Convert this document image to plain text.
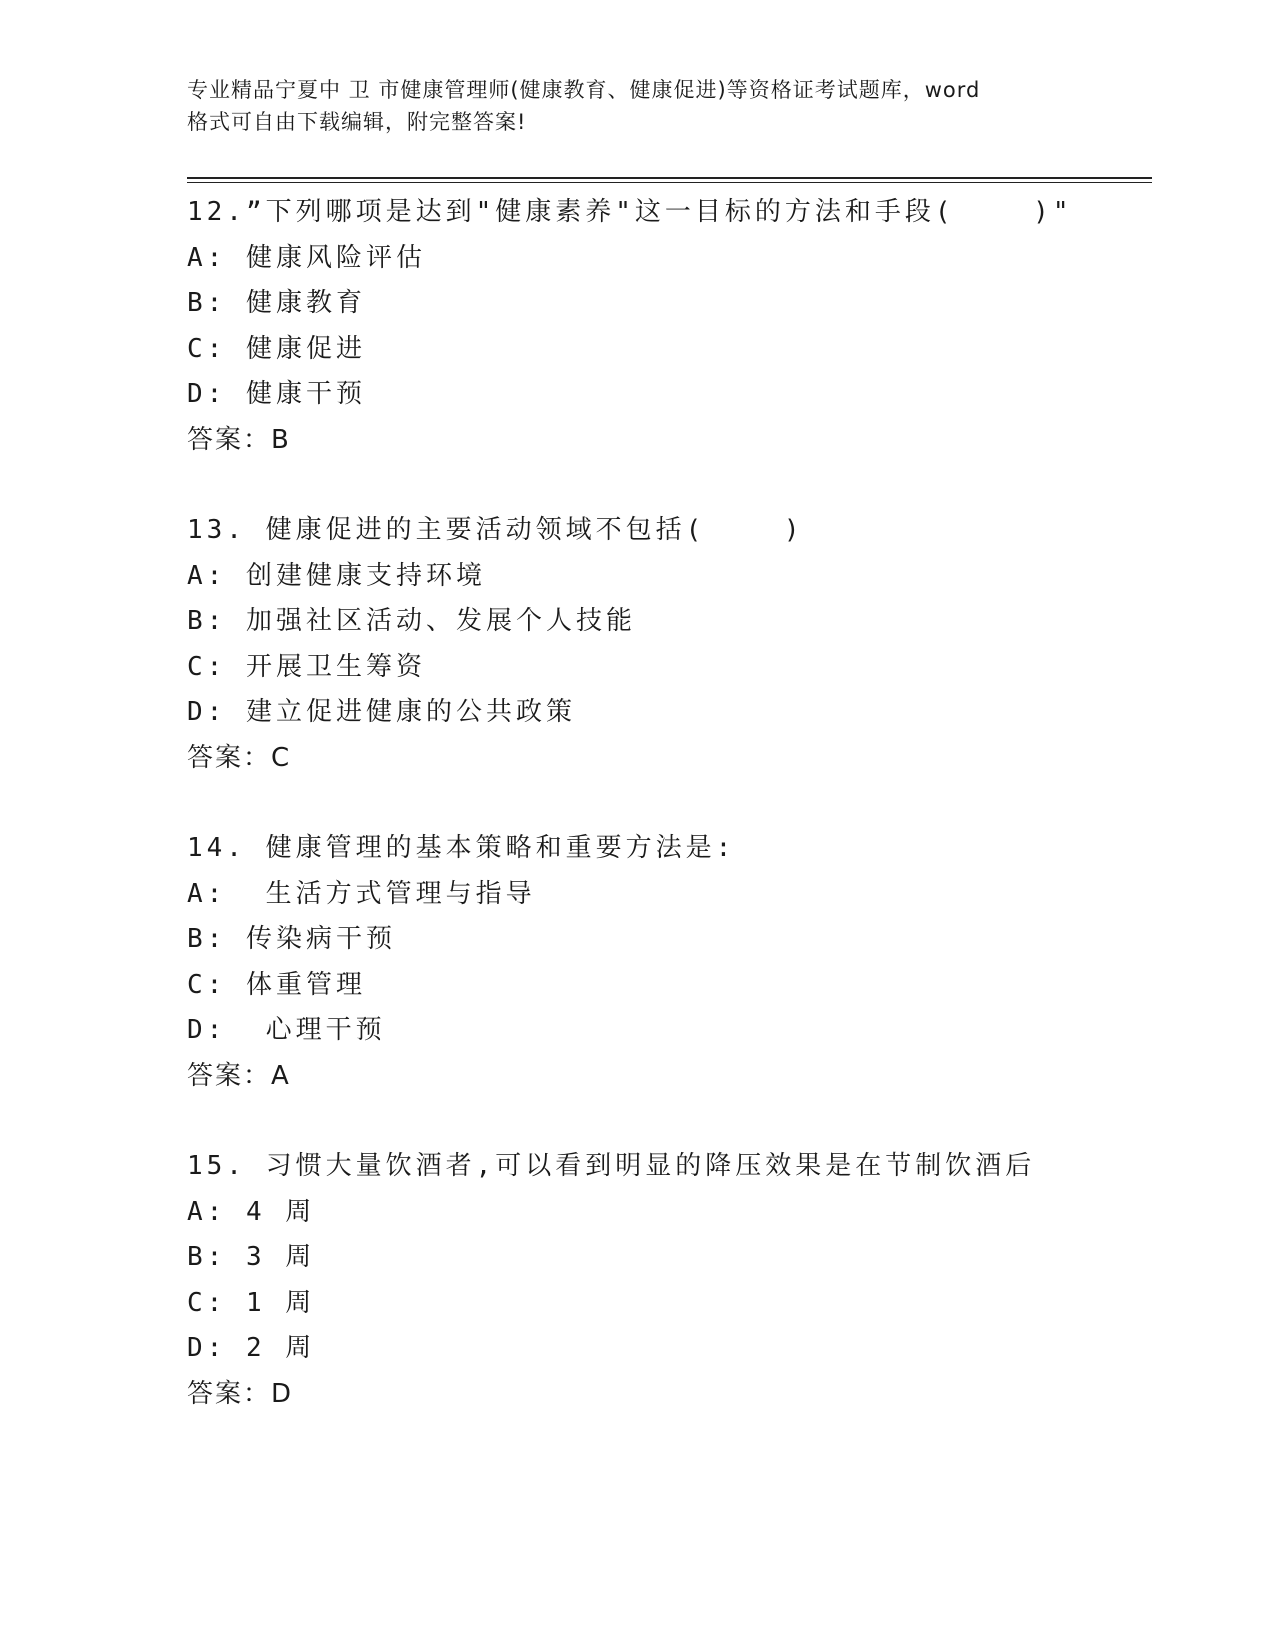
专业精品宁夏中 卫 市健康管理师(健康教育、健康促进)等资格证考试题库，word
格式可自由下载编辑，附完整答案!
12.”下列哪项是达到"健康素养"这一目标的方法和手段(    )"
A: 健康风险评估
B: 健康教育
C: 健康促进
D: 健康干预
答案：B
13. 健康促进的主要活动领域不包括(    )
A: 创建健康支持环境
B: 加强社区活动、发展个人技能
C: 开展卫生筹资
D: 建立促进健康的公共政策
答案：C
14. 健康管理的基本策略和重要方法是:
A:  生活方式管理与指导
B: 传染病干预
C: 体重管理
D:  心理干预
答案：A
15. 习惯大量饮酒者,可以看到明显的降压效果是在节制饮酒后
A: 4 周
B: 3 周
C: 1 周
D: 2 周
答案：D
